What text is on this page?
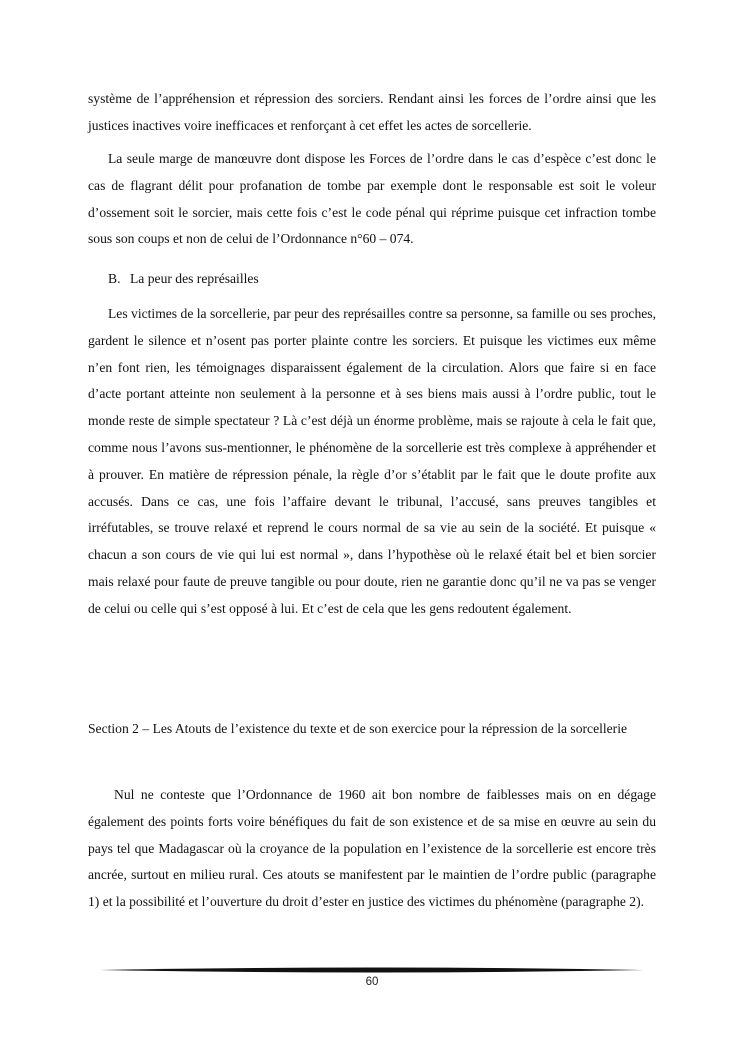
système de l’appréhension et répression des sorciers. Rendant ainsi les forces de l’ordre ainsi que les justices inactives voire inefficaces et renforçant à cet effet les actes de sorcellerie.

La seule marge de manœuvre dont dispose les Forces de l’ordre dans le cas d’espèce c’est donc le cas de flagrant délit pour profanation de tombe par exemple dont le responsable est soit le voleur d’ossement soit le sorcier, mais cette fois c’est le code pénal qui réprime puisque cet infraction tombe sous son coups et non de celui de l’Ordonnance n°60 – 074.

B. La peur des représailles

Les victimes de la sorcellerie, par peur des représailles contre sa personne, sa famille ou ses proches, gardent le silence et n’osent pas porter plainte contre les sorciers. Et puisque les victimes eux même n’en font rien, les témoignages disparaissent également de la circulation. Alors que faire si en face d’acte portant atteinte non seulement à la personne et à ses biens mais aussi à l’ordre public, tout le monde reste de simple spectateur ? Là c’est déjà un énorme problème, mais se rajoute à cela le fait que, comme nous l’avons sus-mentionner, le phénomène de la sorcellerie est très complexe à appréhender et à prouver. En matière de répression pénale, la règle d’or s’établit par le fait que le doute profite aux accusés. Dans ce cas, une fois l’affaire devant le tribunal, l’accusé, sans preuves tangibles et irréfutables, se trouve relaxé et reprend le cours normal de sa vie au sein de la société. Et puisque « chacun a son cours de vie qui lui est normal », dans l’hypothèse où le relaxé était bel et bien sorcier mais relaxé pour faute de preuve tangible ou pour doute, rien ne garantie donc qu’il ne va pas se venger de celui ou celle qui s’est opposé à lui. Et c’est de cela que les gens redoutent également.

Section 2 – Les Atouts de l’existence du texte et de son exercice pour la répression de la sorcellerie

Nul ne conteste que l’Ordonnance de 1960 ait bon nombre de faiblesses mais on en dégage également des points forts voire bénéfiques du fait de son existence et de sa mise en œuvre au sein du pays tel que Madagascar où la croyance de la population en l’existence de la sorcellerie est encore très ancrée, surtout en milieu rural. Ces atouts se manifestent par le maintien de l’ordre public (paragraphe 1) et la possibilité et l’ouverture du droit d’ester en justice des victimes du phénomène (paragraphe 2).

60
